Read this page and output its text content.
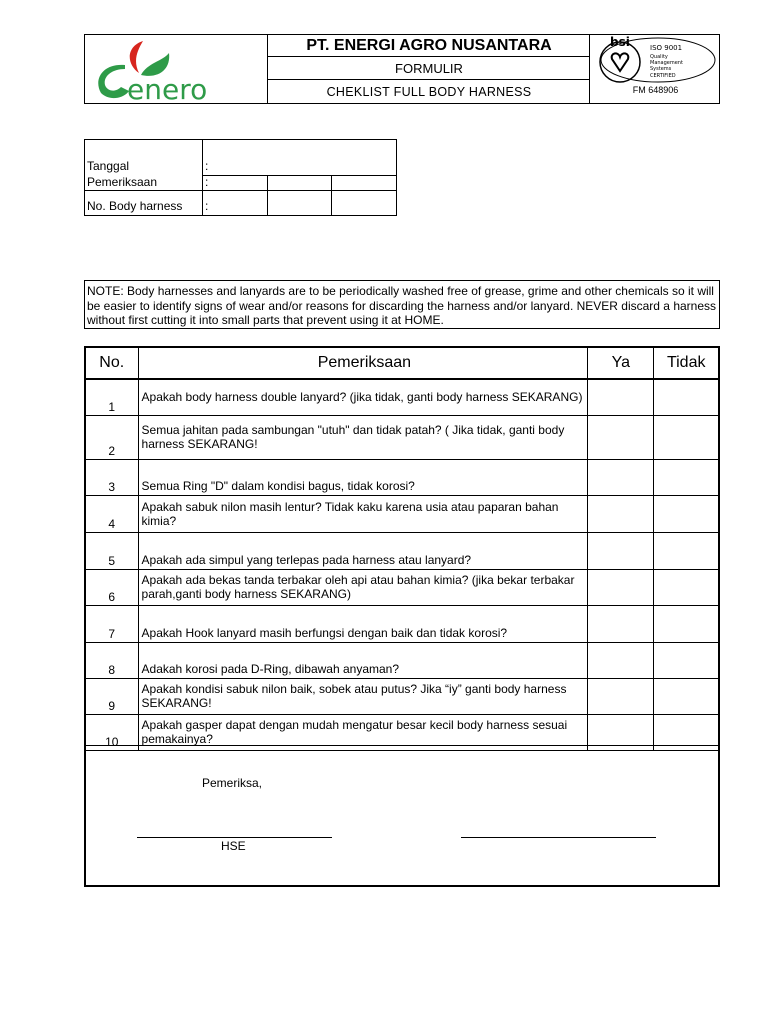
enero
PT. ENERGI AGRO NUSANTARA
FORMULIR
CHEKLIST FULL BODY HARNESS
bsi	ISO 9001
Quality
Management
Systems
CERTIFIED
FM 648906
Tanggal	:
Pemeriksaan	:
No. Body harness :
NOTE: Body harnesses and lanyards are to be periodically washed free of grease, grime and other chemicals so it will be easier to identify signs of wear and/or reasons for discarding the harness and/or lanyard. NEVER discard a harness without first cutting it into small parts that prevent using it at HOME.
No.	Pemeriksaan	Ya	Tidak
1	Apakah body harness double lanyard? (jika tidak, ganti body harness SEKARANG)		
2	Semua jahitan pada sambungan "utuh" dan tidak patah? ( Jika tidak, ganti body harness SEKARANG!		
3	Semua Ring "D" dalam kondisi bagus, tidak korosi?		
4	Apakah sabuk nilon masih lentur? Tidak kaku karena usia atau paparan bahan kimia?		
5	Apakah ada simpul yang terlepas pada harness atau lanyard?		
6	Apakah ada bekas tanda terbakar oleh api atau bahan kimia? (jika bekar terbakar parah,ganti body harness SEKARANG)		
7	Apakah Hook lanyard masih berfungsi dengan baik dan tidak korosi?		
8	Adakah korosi pada D-Ring, dibawah anyaman?		
9	Apakah kondisi sabuk nilon baik, sobek atau putus? Jika “iy” ganti body harness SEKARANG!		
10	Apakah gasper dapat dengan mudah mengatur besar kecil body harness sesuai pemakainya?		
Pemeriksa,
HSE
